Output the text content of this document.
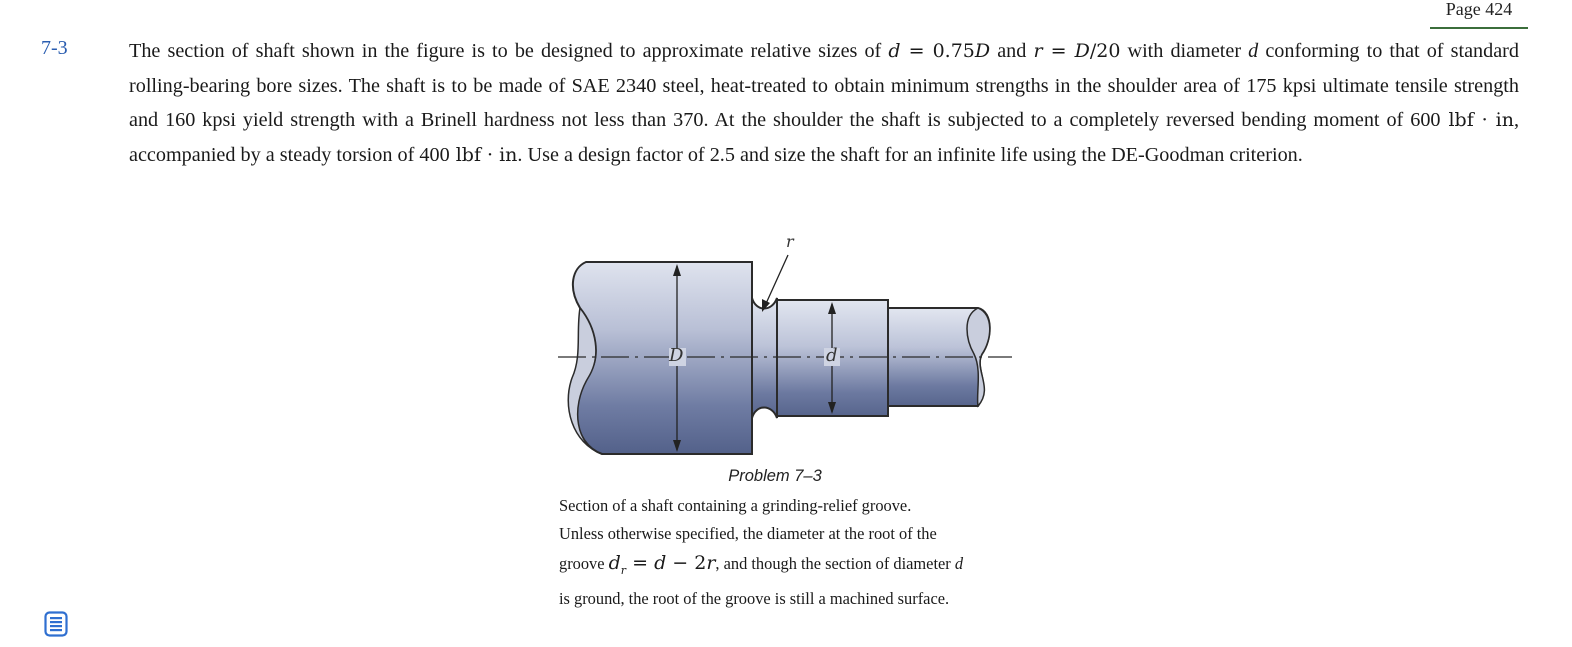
Page 424
7-3	The section of shaft shown in the figure is to be designed to approximate relative sizes of d = 0.75D and r = D/20 with diameter d conforming to that of standard rolling-bearing bore sizes. The shaft is to be made of SAE 2340 steel, heat-treated to obtain minimum strengths in the shoulder area of 175 kpsi ultimate tensile strength and 160 kpsi yield strength with a Brinell hardness not less than 370. At the shoulder the shaft is subjected to a completely reversed bending moment of 600 lbf · in, accompanied by a steady torsion of 400 lbf · in. Use a design factor of 2.5 and size the shaft for an infinite life using the DE-Goodman criterion.
D	d
r
Problem 7–3
Section of a shaft containing a grinding-relief groove.
Unless otherwise specified, the diameter at the root of the
groove $d_r = d - 2r$, and though the section of diameter d
is ground, the root of the groove is still a machined surface.
